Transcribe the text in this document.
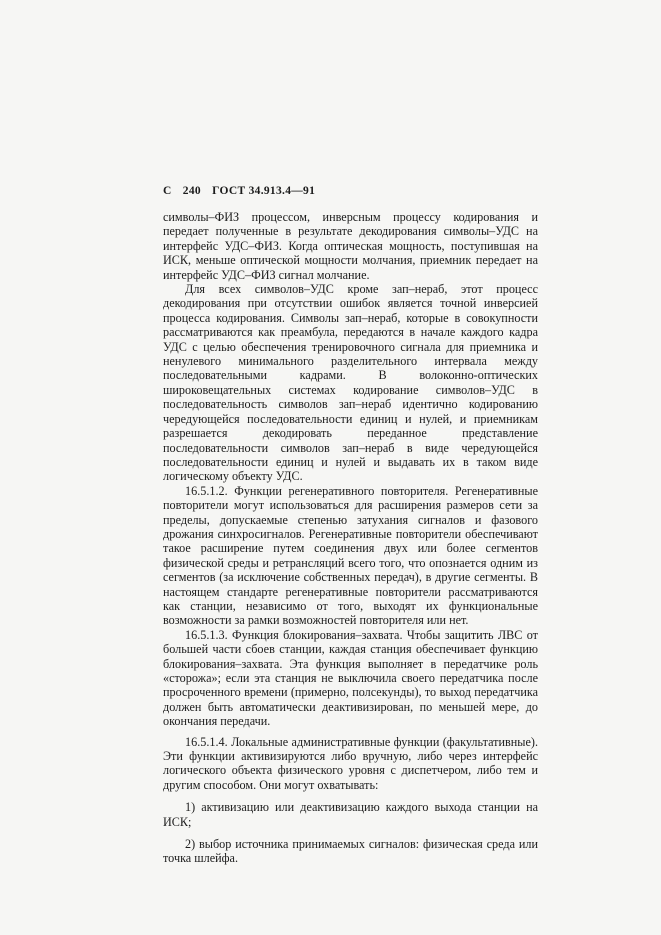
С 240 ГОСТ 34.913.4—91

символы–ФИЗ процессом, инверсным процессу кодирования и передает полученные в результате декодирования символы–УДС на интерфейс УДС–ФИЗ. Когда оптическая мощность, поступившая на ИСК, меньше оптической мощности молчания, приемник передает на интерфейс УДС–ФИЗ сигнал молчание.

Для всех символов–УДС кроме зап–нераб, этот процесс декодирования при отсутствии ошибок является точной инверсией процесса кодирования. Символы зап–нераб, которые в совокупности рассматриваются как преамбула, передаются в начале каждого кадра УДС с целью обеспечения тренировочного сигнала для приемника и ненулевого минимального разделительного интервала между последовательными кадрами. В волоконно-оптических широковещательных системах кодирование символов–УДС в последовательность символов зап–нераб идентично кодированию чередующейся последовательности единиц и нулей, и приемникам разрешается декодировать переданное представление последовательности символов зап–нераб в виде чередующейся последовательности единиц и нулей и выдавать их в таком виде логическому объекту УДС.

16.5.1.2. Функции регенеративного повторителя. Регенеративные повторители могут использоваться для расширения размеров сети за пределы, допускаемые степенью затухания сигналов и фазового дрожания синхросигналов. Регенеративные повторители обеспечивают такое расширение путем соединения двух или более сегментов физической среды и ретрансляций всего того, что опознается одним из сегментов (за исключение собственных передач), в другие сегменты. В настоящем стандарте регенеративные повторители рассматриваются как станции, независимо от того, выходят их функциональные возможности за рамки возможностей повторителя или нет.

16.5.1.3. Функция блокирования–захвата. Чтобы защитить ЛВС от большей части сбоев станции, каждая станция обеспечивает функцию блокирования–захвата. Эта функция выполняет в передатчике роль «сторожа»; если эта станция не выключила своего передатчика после просроченного времени (примерно, полсекунды), то выход передатчика должен быть автоматически деактивизирован, по меньшей мере, до окончания передачи.

16.5.1.4. Локальные административные функции (факультативные). Эти функции активизируются либо вручную, либо через интерфейс логического объекта физического уровня с диспетчером, либо тем и другим способом. Они могут охватывать:

1) активизацию или деактивизацию каждого выхода станции на ИСК;

2) выбор источника принимаемых сигналов: физическая среда или точка шлейфа.
